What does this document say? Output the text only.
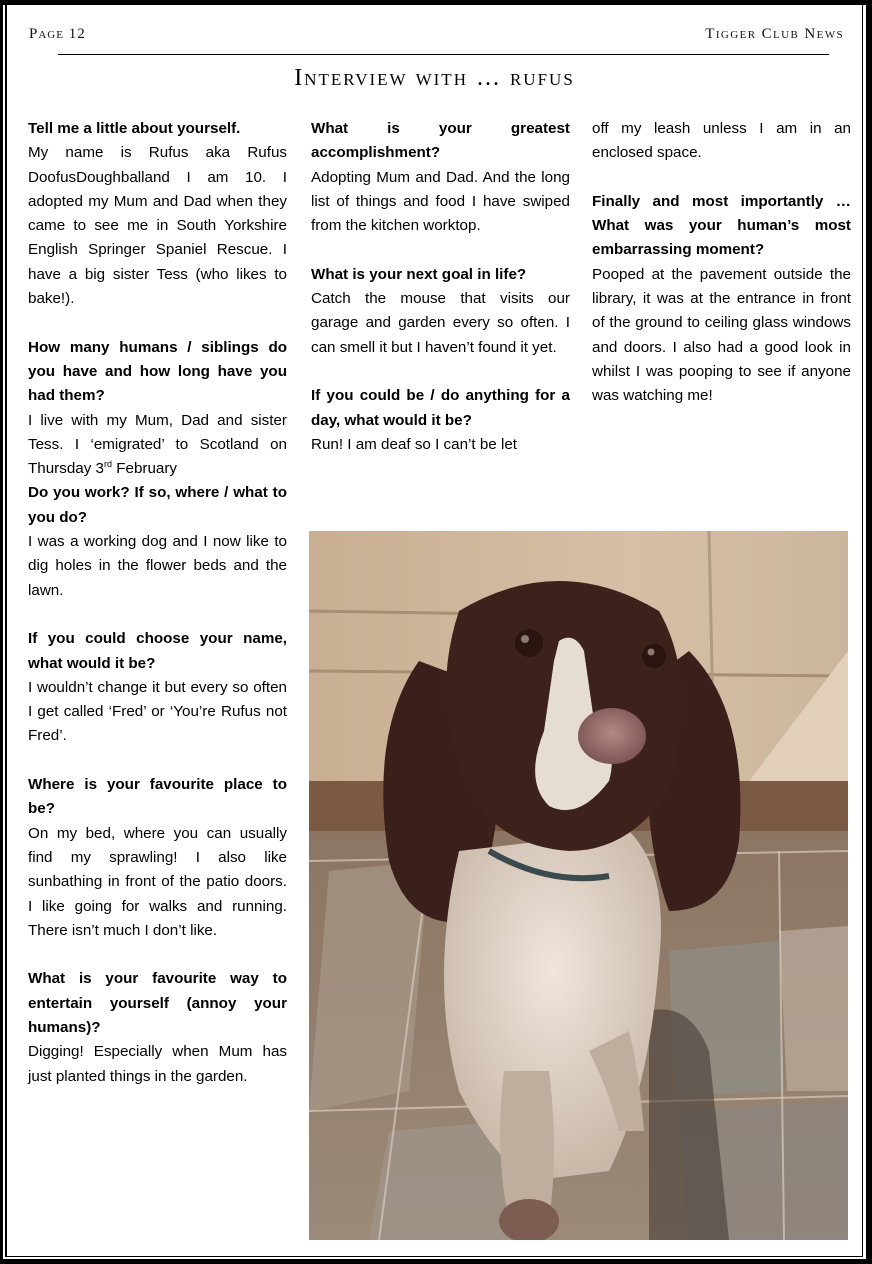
Page 12	Tigger Club News
Interview with … rufus
Tell me a little about yourself.
My name is Rufus aka Rufus DoofusDoughballand I am 10. I adopted my Mum and Dad when they came to see me in South Yorkshire English Springer Spaniel Rescue. I have a big sister Tess (who likes to bake!).
How many humans / siblings do you have and how long have you had them?
I live with my Mum, Dad and sister Tess. I ‘emigrated’ to Scotland on Thursday 3rd February
Do you work? If so, where / what to you do?
I was a working dog and I now like to dig holes in the flower beds and the lawn.
If you could choose your name, what would it be?
I wouldn’t change it but every so often I get called ‘Fred’ or ‘You’re Rufus not Fred’.
Where is your favourite place to be?
On my bed, where you can usually find my sprawling! I also like sunbathing in front of the patio doors. I like going for walks and running. There isn’t much I don’t like.
What is your favourite way to entertain yourself (annoy your humans)?
Digging! Especially when Mum has just planted things in the garden.
What is your greatest accomplishment?
Adopting Mum and Dad. And the long list of things and food I have swiped from the kitchen worktop.
What is your next goal in life?
Catch the mouse that visits our garage and garden every so often. I can smell it but I haven’t found it yet.
If you could be / do anything for a day, what would it be?
Run! I am deaf so I can’t be let
off my leash unless I am in an enclosed space.
Finally and most importantly … What was your human’s most embarrassing moment?
Pooped at the pavement outside the library, it was at the entrance in front of the ground to ceiling glass windows and doors. I also had a good look in whilst I was pooping to see if anyone was watching me!
